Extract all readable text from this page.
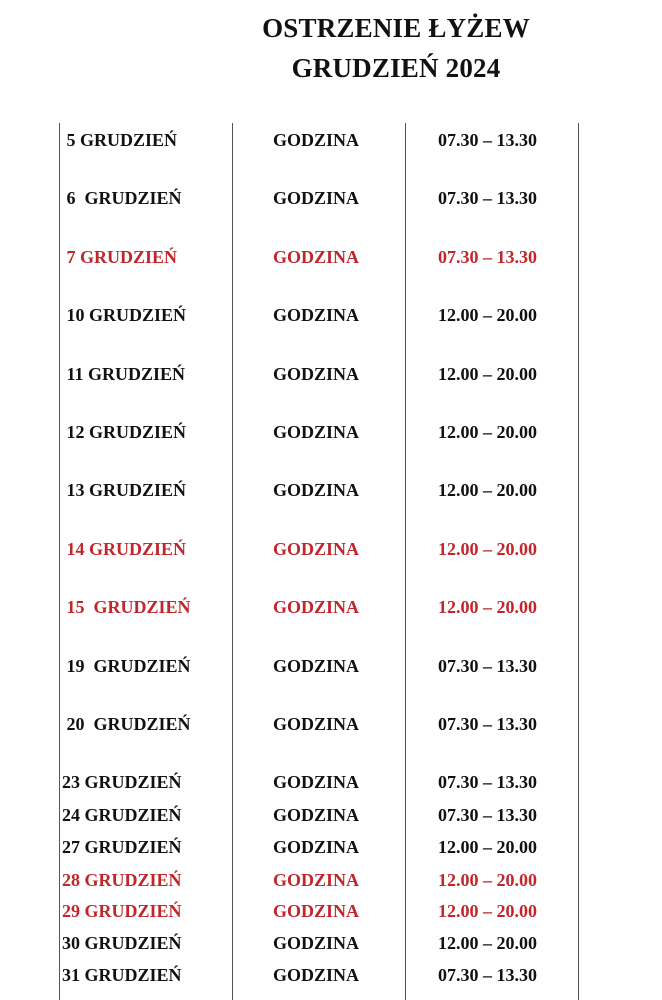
OSTRZENIE ŁYŻEW
GRUDZIEŃ 2024
5 GRUDZIEŃ	GODZINA	07.30 – 13.30
6  GRUDZIEŃ	GODZINA	07.30 – 13.30
7 GRUDZIEŃ	GODZINA	07.30 – 13.30
10 GRUDZIEŃ	GODZINA	12.00 – 20.00
11 GRUDZIEŃ	GODZINA	12.00 – 20.00
12 GRUDZIEŃ	GODZINA	12.00 – 20.00
13 GRUDZIEŃ	GODZINA	12.00 – 20.00
14 GRUDZIEŃ	GODZINA	12.00 – 20.00
15  GRUDZIEŃ	GODZINA	12.00 – 20.00
19  GRUDZIEŃ	GODZINA	07.30 – 13.30
20  GRUDZIEŃ	GODZINA	07.30 – 13.30
23 GRUDZIEŃ	GODZINA	07.30 – 13.30
24 GRUDZIEŃ	GODZINA	07.30 – 13.30
27 GRUDZIEŃ	GODZINA	12.00 – 20.00
28 GRUDZIEŃ	GODZINA	12.00 – 20.00
29 GRUDZIEŃ	GODZINA	12.00 – 20.00
30 GRUDZIEŃ	GODZINA	12.00 – 20.00
31 GRUDZIEŃ	GODZINA	07.30 – 13.30
